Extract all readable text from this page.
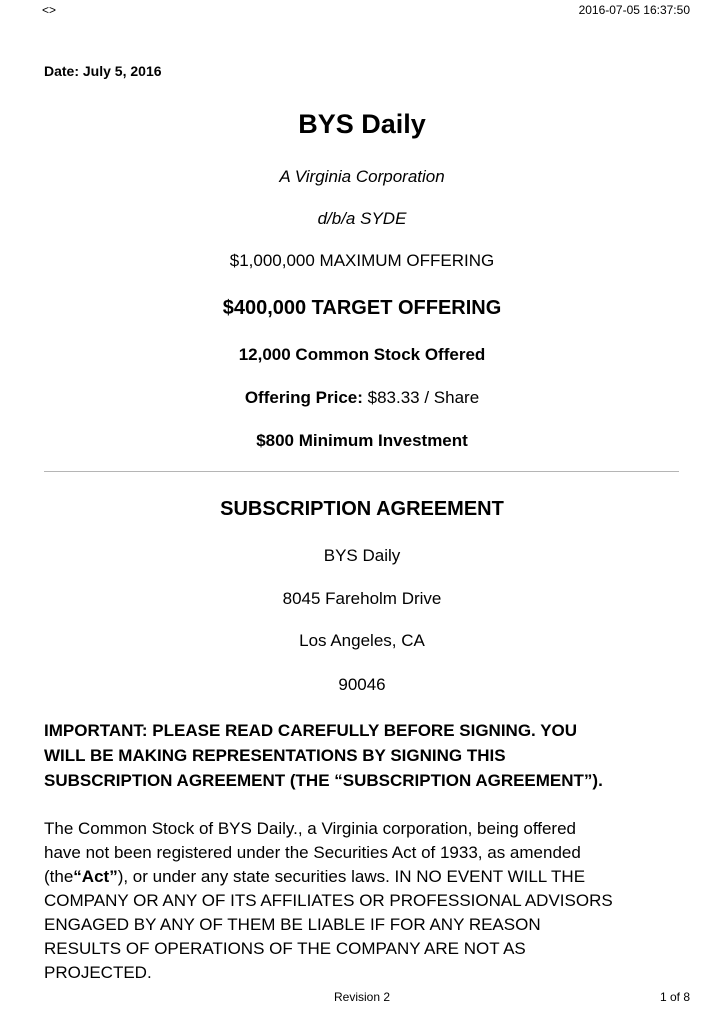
<>	2016-07-05 16:37:50
Date: July 5, 2016
BYS Daily
A Virginia Corporation
d/b/a SYDE
$1,000,000 MAXIMUM OFFERING
$400,000 TARGET OFFERING
12,000 Common Stock Offered
Offering Price: $83.33 / Share
$800 Minimum Investment
SUBSCRIPTION AGREEMENT
BYS Daily
8045 Fareholm Drive
Los Angeles, CA
90046
IMPORTANT: PLEASE READ CAREFULLY BEFORE SIGNING. YOU
WILL BE MAKING REPRESENTATIONS BY SIGNING THIS
SUBSCRIPTION AGREEMENT (THE “SUBSCRIPTION AGREEMENT”).
The Common Stock of BYS Daily., a Virginia corporation, being offered
have not been registered under the Securities Act of 1933, as amended
(the“Act”), or under any state securities laws. IN NO EVENT WILL THE
COMPANY OR ANY OF ITS AFFILIATES OR PROFESSIONAL ADVISORS
ENGAGED BY ANY OF THEM BE LIABLE IF FOR ANY REASON
RESULTS OF OPERATIONS OF THE COMPANY ARE NOT AS
PROJECTED.
Revision 2	1 of 8
